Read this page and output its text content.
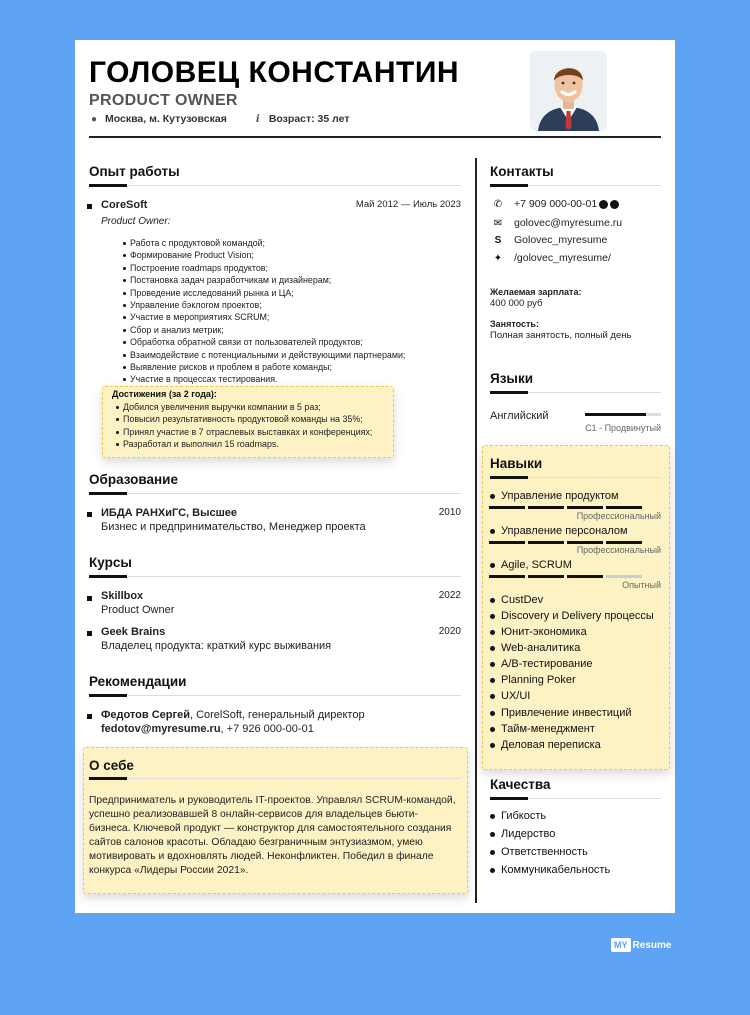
ГОЛОВЕЦ КОНСТАНТИН
PRODUCT OWNER
● Москва, м. Кутузовская	i Возраст: 35 лет
Опыт работы
CoreSoft	Май 2012 — Июль 2023
Product Owner:
Работа с продуктовой командой;
Формирование Product Vision;
Построение roadmaps продуктов;
Постановка задач разработчикам и дизайнерам;
Проведение исследований рынка и ЦА;
Управление бэклогом проектов;
Участие в мероприятиях SCRUM;
Сбор и анализ метрик;
Обработка обратной связи от пользователей продуктов;
Взаимодействие с потенциальными и действующими партнерами;
Выявление рисков и проблем в работе команды;
Участие в процессах тестирования.
Достижения (за 2 года):
Добился увеличения выручки компании в 5 раз;
Повысил результативность продуктовой команды на 35%;
Принял участие в 7 отраслевых выставках и конференциях;
Разработал и выполнил 15 roadmaps.
Образование
ИБДА РАНХиГС, Высшее	2010
Бизнес и предпринимательство, Менеджер проекта
Курсы
Skillbox	2022
Product Owner
Geek Brains	2020
Владелец продукта: краткий курс выживания
Рекомендации
Федотов Сергей, CorelSoft, генеральный директор
fedotov@myresume.ru, +7 926 000-00-01
О себе
Предприниматель и руководитель IT-проектов. Управлял SCRUM-командой, успешно реализовавшей 8 онлайн-сервисов для владельцев бьюти-бизнеса. Ключевой продукт — конструктор для самостоятельного создания сайтов салонов красоты. Обладаю безграничным энтузиазмом, умею мотивировать и вдохновлять людей. Неконфликтен. Победил в финале конкурса «Лидеры России 2021».
Контакты
✆ +7 909 000-00-01
✉ golovec@myresume.ru
S Golovec_myresume
✦ /golovec_myresume/
Желаемая зарплата:
400 000 руб
Занятость:
Полная занятость, полный день
Языки
Английский
C1 - Продвинутый
Навыки
Управление продуктом
Профессиональный
Управление персоналом
Профессиональный
Agile, SCRUM
Опытный
CustDev
Discovery и Delivery процессы
Юнит-экономика
Web-аналитика
A/B-тестирование
Planning Poker
UX/UI
Привлечение инвестиций
Тайм-менеджмент
Деловая переписка
Качества
Гибкость
Лидерство
Ответственность
Коммуникабельность
MY Resume
